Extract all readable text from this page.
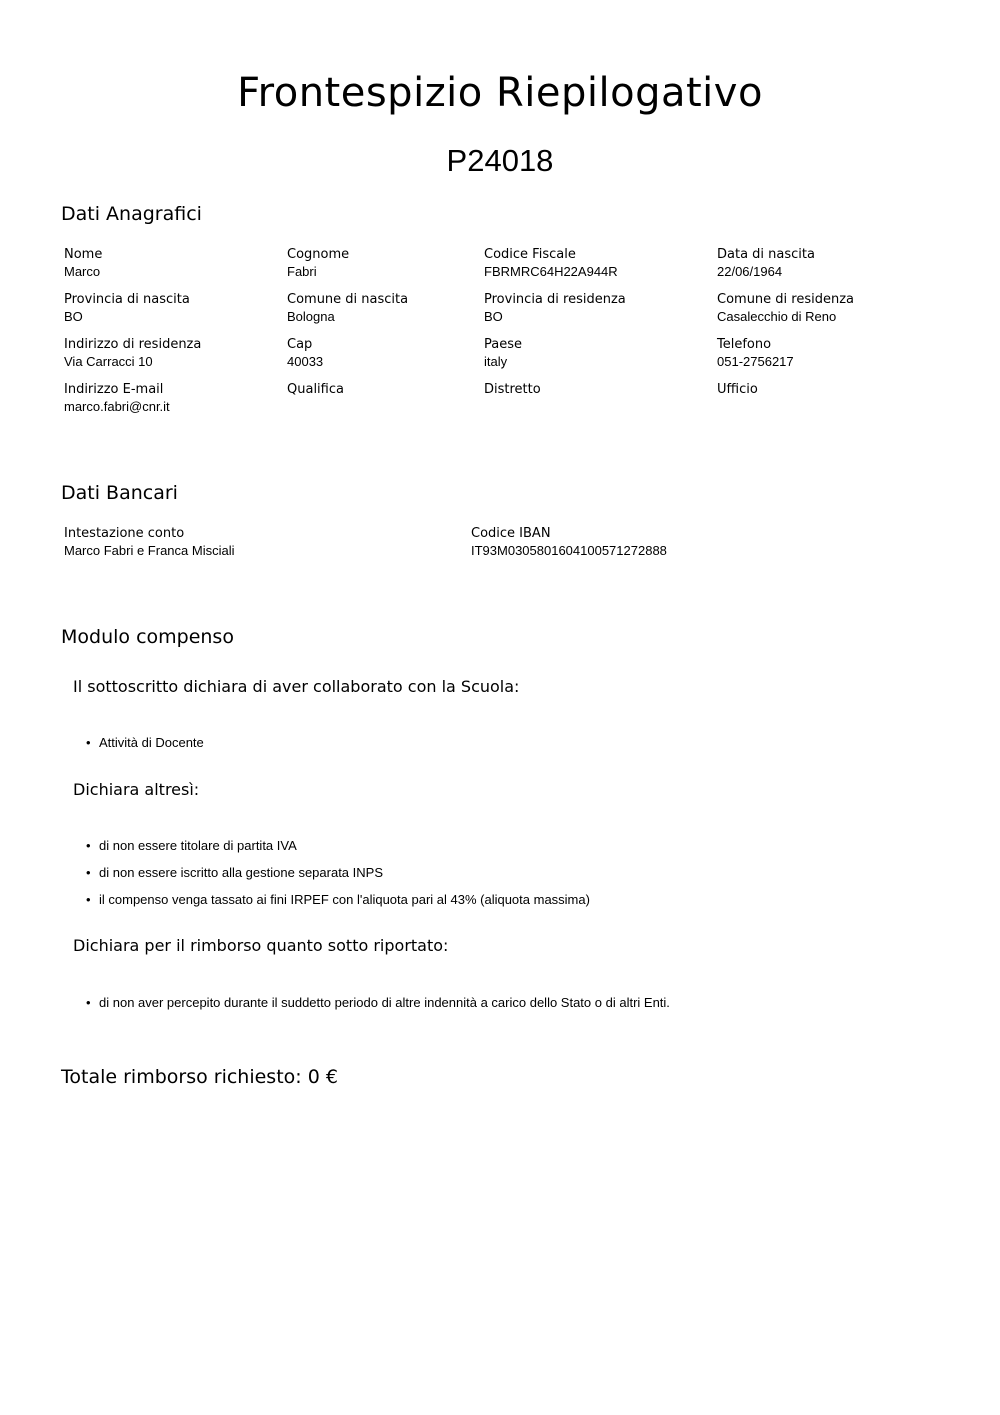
Frontespizio Riepilogativo
P24018
Dati Anagrafici
Nome
Marco
Cognome
Fabri
Codice Fiscale
FBRMRC64H22A944R
Data di nascita
22/06/1964
Provincia di nascita
BO
Comune di nascita
Bologna
Provincia di residenza
BO
Comune di residenza
Casalecchio di Reno
Indirizzo di residenza
Via Carracci 10
Cap
40033
Paese
italy
Telefono
051-2756217
Indirizzo E-mail
marco.fabri@cnr.it
Qualifica	Distretto	Ufficio
Dati Bancari
Intestazione conto
Marco Fabri e Franca Misciali
Codice IBAN
IT93M0305801604100571272888
Modulo compenso
Il sottoscritto dichiara di aver collaborato con la Scuola:
• Attività di Docente
Dichiara altresì:
• di non essere titolare di partita IVA
• di non essere iscritto alla gestione separata INPS
• il compenso venga tassato ai fini IRPEF con l'aliquota pari al 43% (aliquota massima)
Dichiara per il rimborso quanto sotto riportato:
• di non aver percepito durante il suddetto periodo di altre indennità a carico dello Stato o di altri Enti.
Totale rimborso richiesto: 0 €
